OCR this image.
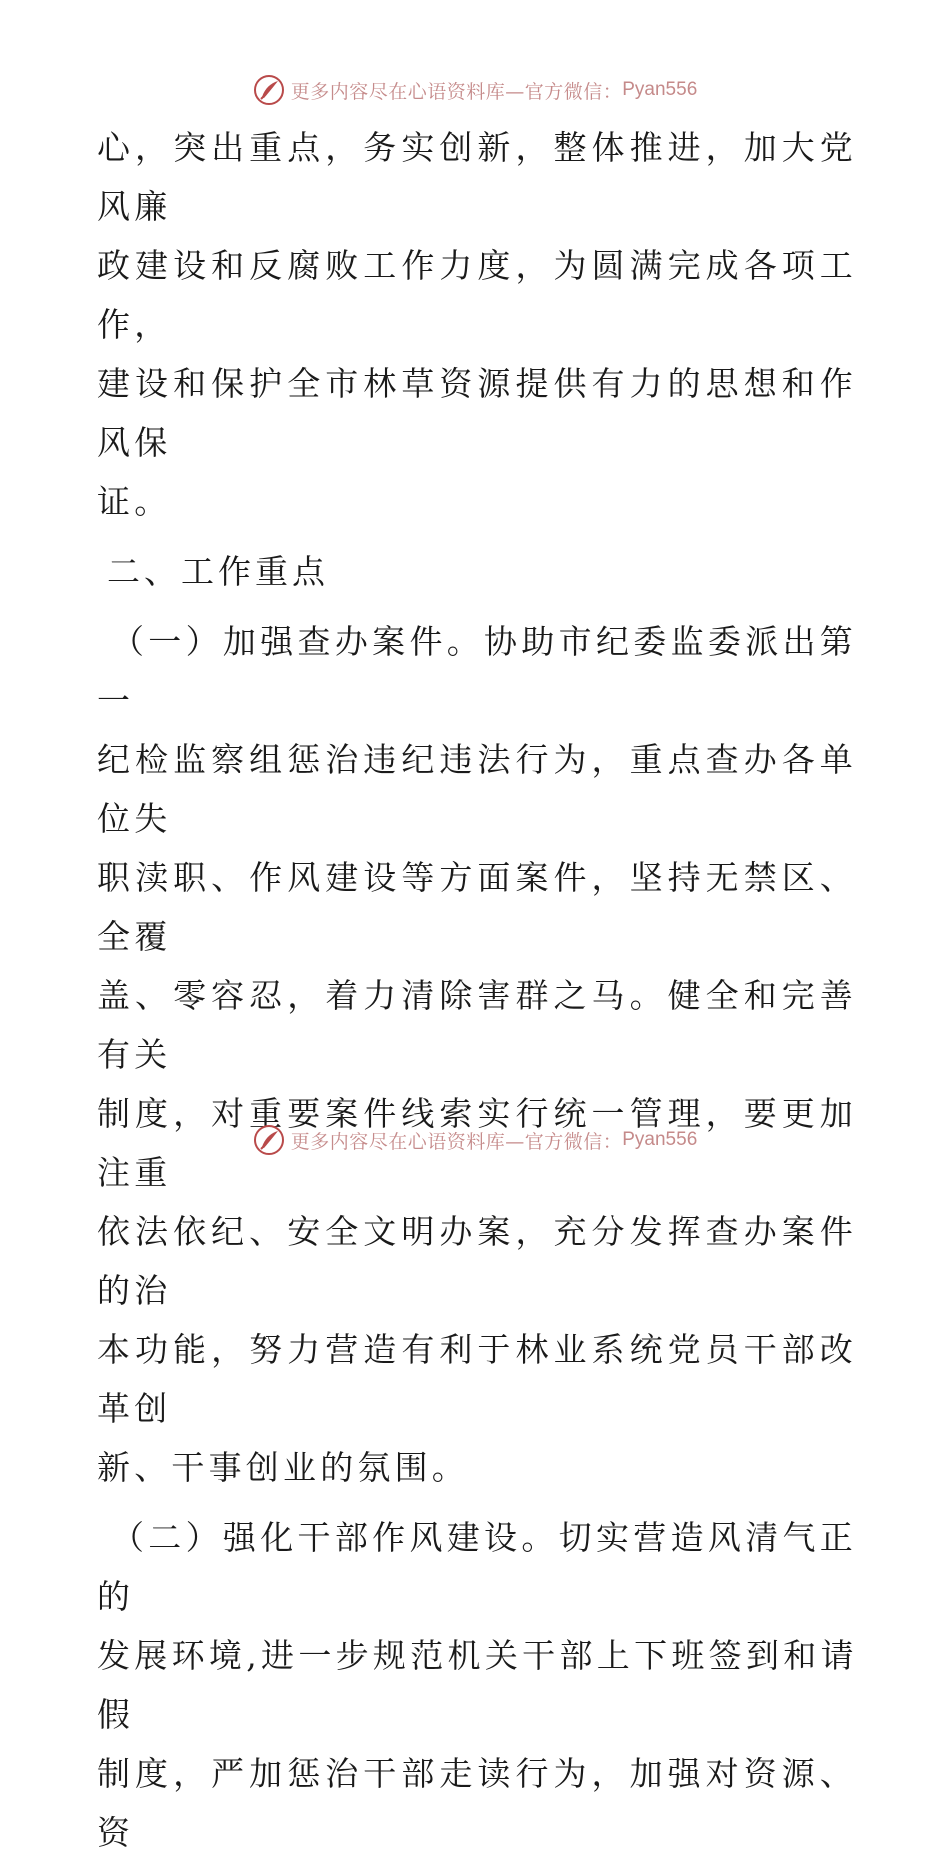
更多内容尽在心语资料库—官方微信： Pyan556

心，突出重点，务实创新，整体推进，加大党风廉
政建设和反腐败工作力度，为圆满完成各项工作，
建设和保护全市林草资源提供有力的思想和作风保
证。

二、工作重点

（一）加强查办案件。协助市纪委监委派出第一
纪检监察组惩治违纪违法行为，重点查办各单位失
职渎职、作风建设等方面案件，坚持无禁区、全覆
盖、零容忍，着力清除害群之马。健全和完善有关
制度，对重要案件线索实行统一管理，要更加注重
依法依纪、安全文明办案，充分发挥查办案件的治
本功能，努力营造有利于林业系统党员干部改革创
新、干事创业的氛围。

（二）强化干部作风建设。切实营造风清气正的
发展环境,进一步规范机关干部上下班签到和请假
制度，严加惩治干部走读行为，加强对资源、资

更多内容尽在心语资料库—官方微信： Pyan556
